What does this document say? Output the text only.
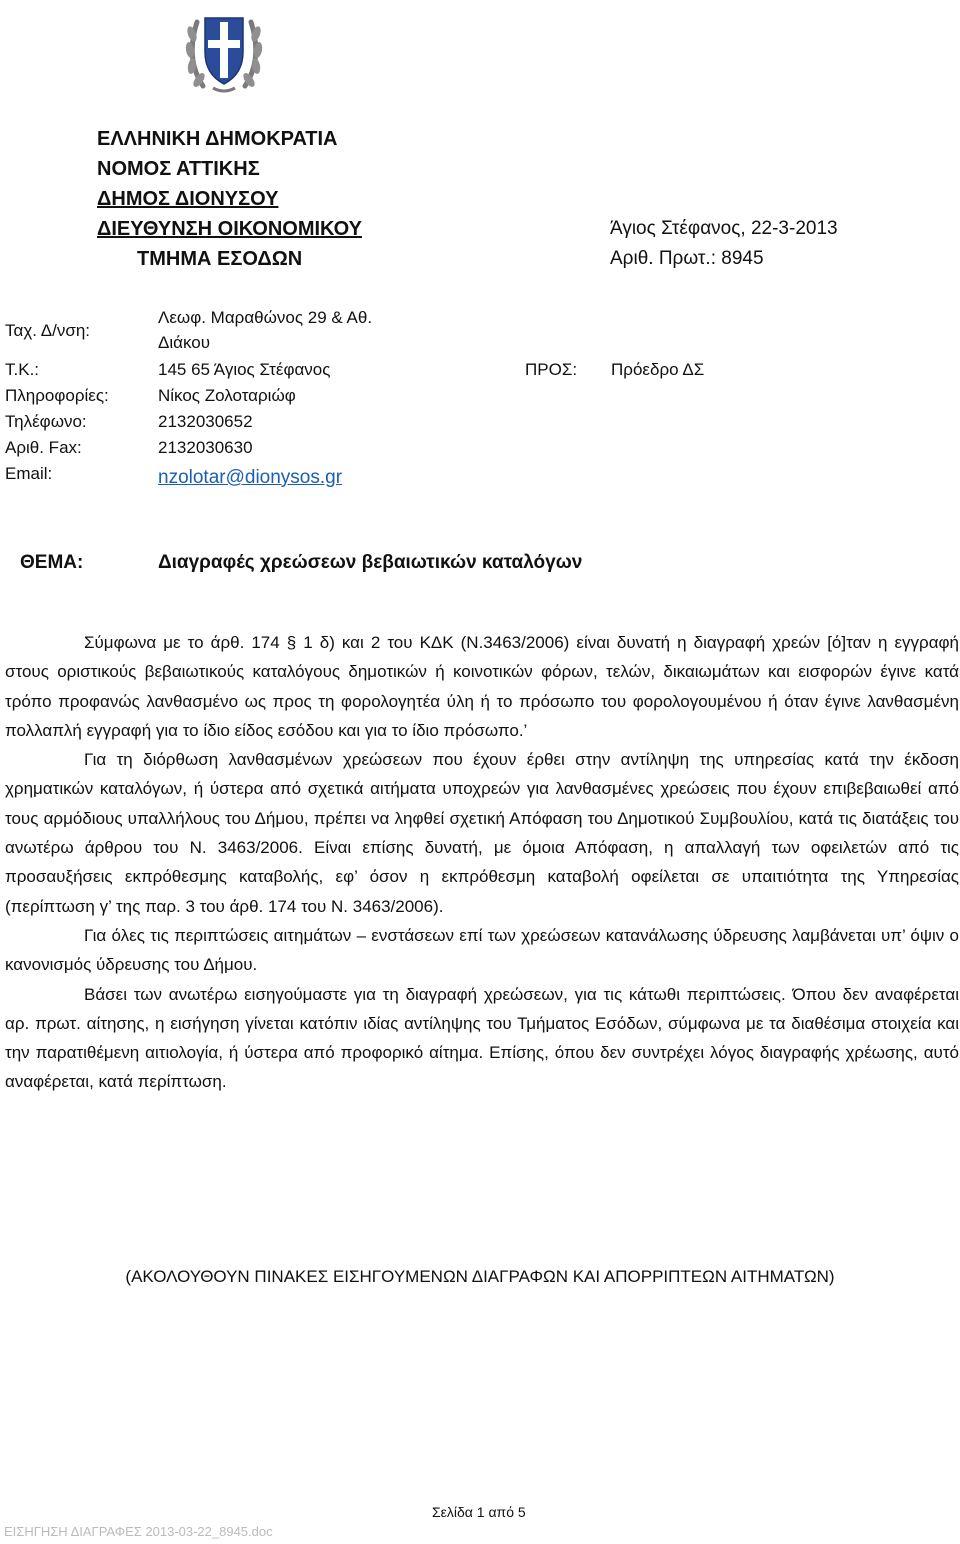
ΕΛΛΗΝΙΚΗ ΔΗΜΟΚΡΑΤΙΑ
ΝΟΜΟΣ ΑΤΤΙΚΗΣ
ΔΗΜΟΣ ΔΙΟΝΥΣΟΥ
ΔΙΕΥΘΥΝΣΗ ΟΙΚΟΝΟΜΙΚΟΥ
ΤΜΗΜΑ ΕΣΟΔΩΝ
Άγιος Στέφανος, 22-3-2013
Αριθ. Πρωτ.: 8945
Ταχ. Δ/νση:
Λεωφ. Μαραθώνος 29 & Αθ.
Διάκου
Τ.Κ.:	145 65 Άγιος Στέφανος	ΠΡΟΣ: Πρόεδρο ΔΣ
Πληροφορίες:	Νίκος Ζολοταριώφ
Τηλέφωνο:	2132030652
Αριθ. Fax:	2132030630
Email:	nzolotar@dionysos.gr
ΘΕΜΑ:	Διαγραφές χρεώσεων βεβαιωτικών καταλόγων

Σύμφωνα με το άρθ. 174 § 1 δ) και 2 του ΚΔΚ (Ν.3463/2006) είναι δυνατή η διαγραφή χρεών [ό]ταν η εγγραφή στους οριστικούς βεβαιωτικούς καταλόγους δημοτικών ή κοινοτικών φόρων, τελών, δικαιωμάτων και εισφορών έγινε κατά τρόπο προφανώς λανθασμένο ως προς τη φορολογητέα ύλη ή το πρόσωπο του φορολογουμένου ή όταν έγινε λανθασμένη πολλαπλή εγγραφή για το ίδιο είδος εσόδου και για το ίδιο πρόσωπο.’

Για τη διόρθωση λανθασμένων χρεώσεων που έχουν έρθει στην αντίληψη της υπηρεσίας κατά την έκδοση χρηματικών καταλόγων, ή ύστερα από σχετικά αιτήματα υποχρεών για λανθασμένες χρεώσεις που έχουν επιβεβαιωθεί από τους αρμόδιους υπαλλήλους του Δήμου, πρέπει να ληφθεί σχετική Απόφαση του Δημοτικού Συμβουλίου, κατά τις διατάξεις του ανωτέρω άρθρου του Ν. 3463/2006. Είναι επίσης δυνατή, με όμοια Απόφαση, η απαλλαγή των οφειλετών από τις προσαυξήσεις εκπρόθεσμης καταβολής, εφ’ όσον η εκπρόθεσμη καταβολή οφείλεται σε υπαιτιότητα της Υπηρεσίας (περίπτωση γ’ της παρ. 3 του άρθ. 174 του Ν. 3463/2006).

Για όλες τις περιπτώσεις αιτημάτων – ενστάσεων επί των χρεώσεων κατανάλωσης ύδρευσης λαμβάνεται υπ’ όψιν ο κανονισμός ύδρευσης του Δήμου.

Βάσει των ανωτέρω εισηγούμαστε για τη διαγραφή χρεώσεων, για τις κάτωθι περιπτώσεις. Όπου δεν αναφέρεται αρ. πρωτ. αίτησης, η εισήγηση γίνεται κατόπιν ιδίας αντίληψης του Τμήματος Εσόδων, σύμφωνα με τα διαθέσιμα στοιχεία και την παρατιθέμενη αιτιολογία, ή ύστερα από προφορικό αίτημα. Επίσης, όπου δεν συντρέχει λόγος διαγραφής χρέωσης, αυτό αναφέρεται, κατά περίπτωση.

(ΑΚΟΛΟΥΘΟΥΝ ΠΙΝΑΚΕΣ ΕΙΣΗΓΟΥΜΕΝΩΝ ΔΙΑΓΡΑΦΩΝ ΚΑΙ ΑΠΟΡΡΙΠΤΕΩΝ ΑΙΤΗΜΑΤΩΝ)
Σελίδα 1 από 5
ΕΙΣΗΓΗΣΗ ΔΙΑΓΡΑΦΕΣ 2013-03-22_8945.doc
